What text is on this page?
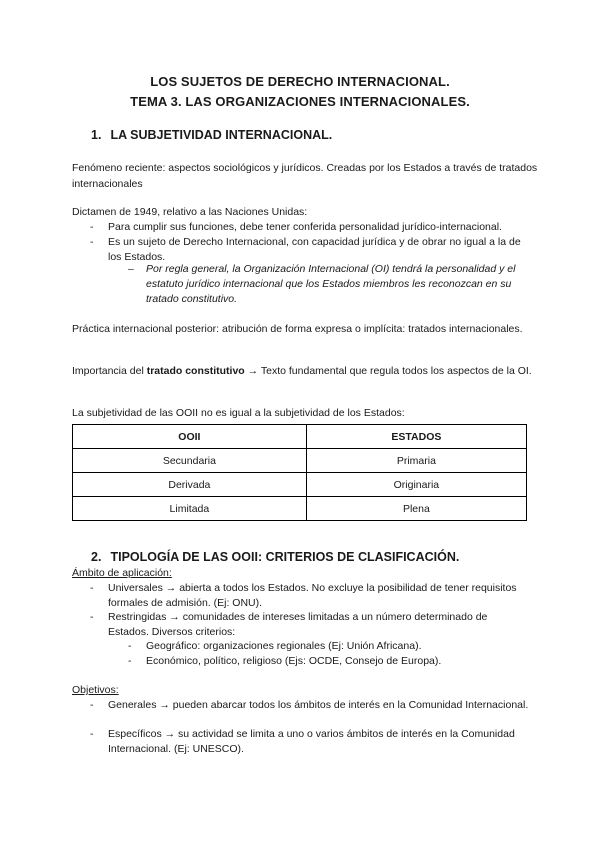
LOS SUJETOS DE DERECHO INTERNACIONAL.
TEMA 3. LAS ORGANIZACIONES INTERNACIONALES.
1. LA SUBJETIVIDAD INTERNACIONAL.
Fenómeno reciente: aspectos sociológicos y jurídicos. Creadas por los Estados a través de tratados internacionales
Dictamen de 1949, relativo a las Naciones Unidas:
- Para cumplir sus funciones, debe tener conferida personalidad jurídico-internacional.
- Es un sujeto de Derecho Internacional, con capacidad jurídica y de obrar no igual a la de los Estados.
– Por regla general, la Organización Internacional (OI) tendrá la personalidad y el estatuto jurídico internacional que los Estados miembros les reconozcan en su tratado constitutivo.
Práctica internacional posterior: atribución de forma expresa o implícita: tratados internacionales.
Importancia del tratado constitutivo → Texto fundamental que regula todos los aspectos de la OI.
La subjetividad de las OOII no es igual a la subjetividad de los Estados:
OOII	ESTADOS
Secundaria	Primaria
Derivada	Originaria
Limitada	Plena
2. TIPOLOGÍA DE LAS OOII: CRITERIOS DE CLASIFICACIÓN.
Ámbito de aplicación:
- Universales → abierta a todos los Estados. No excluye la posibilidad de tener requisitos formales de admisión. (Ej: ONU).
- Restringidas → comunidades de intereses limitadas a un número determinado de Estados. Diversos criterios:
- Geográfico: organizaciones regionales (Ej: Unión Africana).
- Económico, político, religioso (Ejs: OCDE, Consejo de Europa).
Objetivos:
- Generales → pueden abarcar todos los ámbitos de interés en la Comunidad Internacional.
- Específicos → su actividad se limita a uno o varios ámbitos de interés en la Comunidad Internacional. (Ej: UNESCO).
